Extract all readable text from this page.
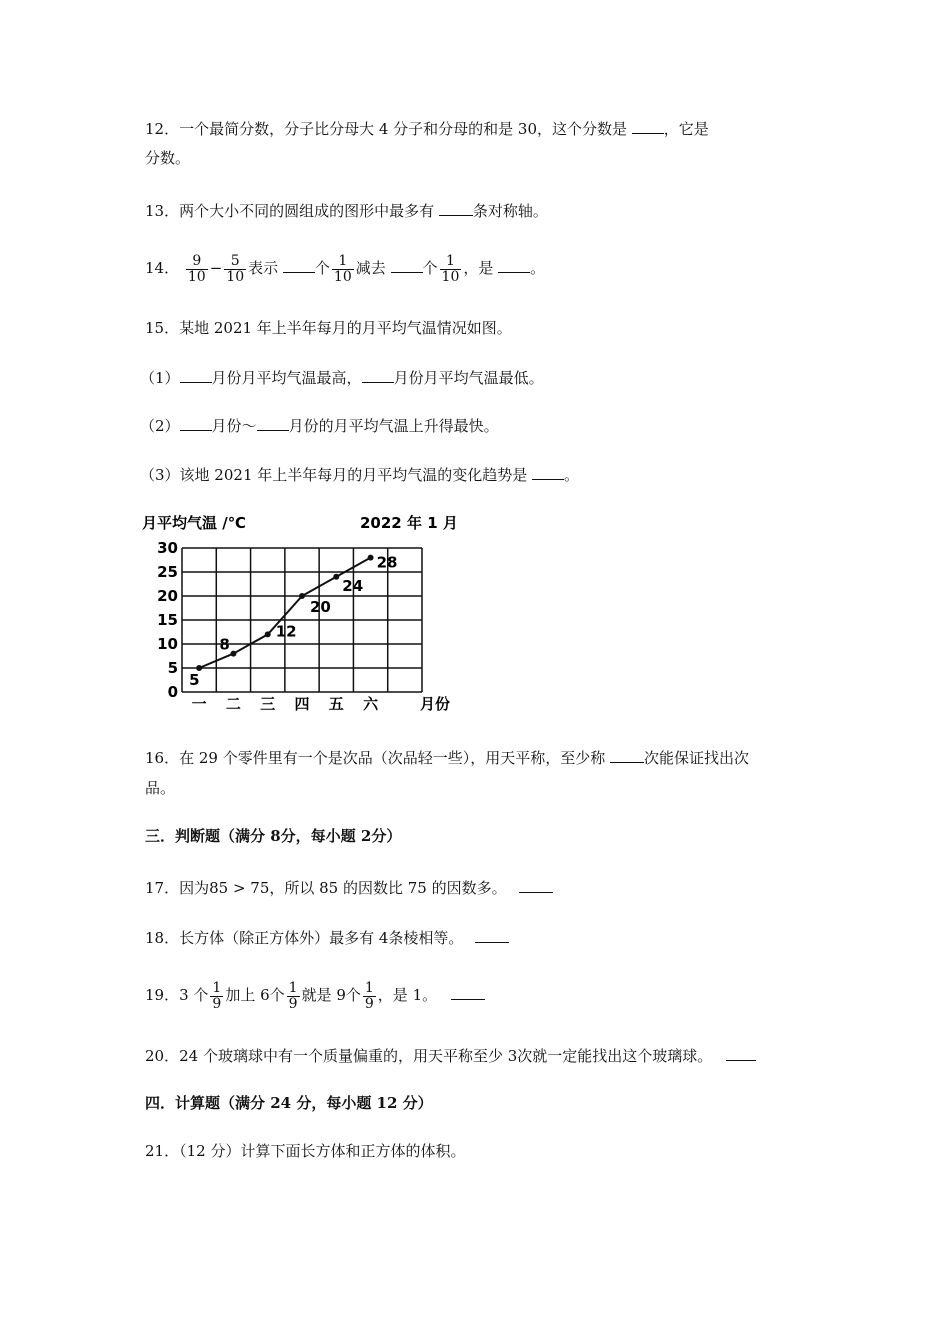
12．一个最简分数，分子比分母大 4 分子和分母的和是 30，这个分数是 ，它是
分数。
13．两个大小不同的圆组成的图形中最多有 条对称轴。
14． $\frac{9}{10} - \frac{5}{10}$ 表示 个 $\frac{1}{10}$ 减去 个 $\frac{1}{10}$ ，是 。
15．某地 2021 年上半年每月的月平均气温情况如图。
（1） 月份月平均气温最高， 月份月平均气温最低。
（2） 月份～ 月份的月平均气温上升得最快。
（3）该地 2021 年上半年每月的月平均气温的变化趋势是 。
月平均气温 /℃	2022 年 1 月
0
5
10
15
20
25
30
一 二 三 四 五 六	月份
5
8
12
20
24
28
16．在 29 个零件里有一个是次品（次品轻一些），用天平称，至少称 次能保证找出次
品。
三．判断题（满分 8分，每小题 2分）
17．因为85 > 75，所以 85 的因数比 75 的因数多。
18．长方体（除正方体外）最多有 4条棱相等。
19．3 个 $\frac{1}{9}$ 加上 6个 $\frac{1}{9}$ 就是 9个 $\frac{1}{9}$ ，是 1。
20．24 个玻璃球中有一个质量偏重的，用天平称至少 3次就一定能找出这个玻璃球。
四．计算题（满分 24 分，每小题 12 分）
21．（12 分）计算下面长方体和正方体的体积。
